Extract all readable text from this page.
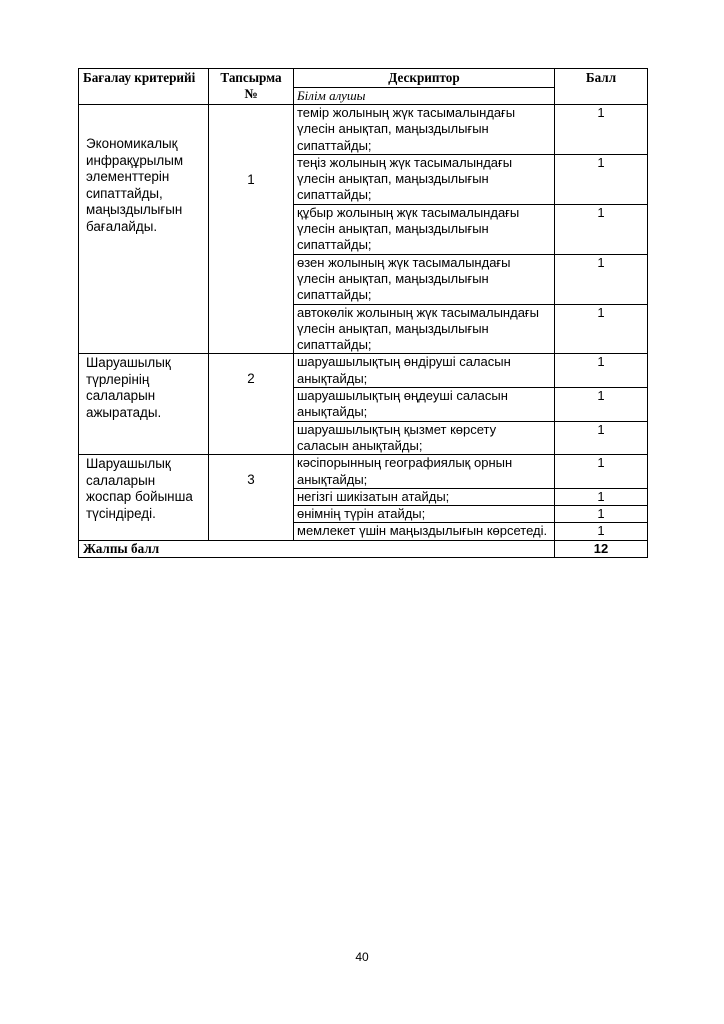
Бағалау критерийі	Тапсырма №	Дескриптор	Балл
		Білім алушы	
Экономикалық инфрақұрылым элементтерін сипаттайды, маңыздылығын бағалайды.	1	темір жолының жүк тасымалындағы үлесін анықтап, маңыздылығын сипаттайды;	1
		теңіз жолының жүк тасымалындағы үлесін анықтап, маңыздылығын сипаттайды;	1
		құбыр жолының жүк тасымалындағы үлесін анықтап, маңыздылығын сипаттайды;	1
		өзен жолының жүк тасымалындағы үлесін анықтап, маңыздылығын сипаттайды;	1
		автокөлік жолының жүк тасымалындағы үлесін анықтап, маңыздылығын сипаттайды;	1
Шаруашылық түрлерінің салаларын ажыратады.	2	шаруашылықтың өндіруші саласын анықтайды;	1
		шаруашылықтың өңдеуші саласын анықтайды;	1
		шаруашылықтың қызмет көрсету саласын анықтайды;	1
Шаруашылық салаларын жоспар бойынша түсіндіреді.	3	кәсіпорынның географиялық орнын анықтайды;	1
		негізгі шикізатын атайды;	1
		өнімнің түрін атайды;	1
		мемлекет үшін маңыздылығын көрсетеді.	1
Жалпы балл			12
40
